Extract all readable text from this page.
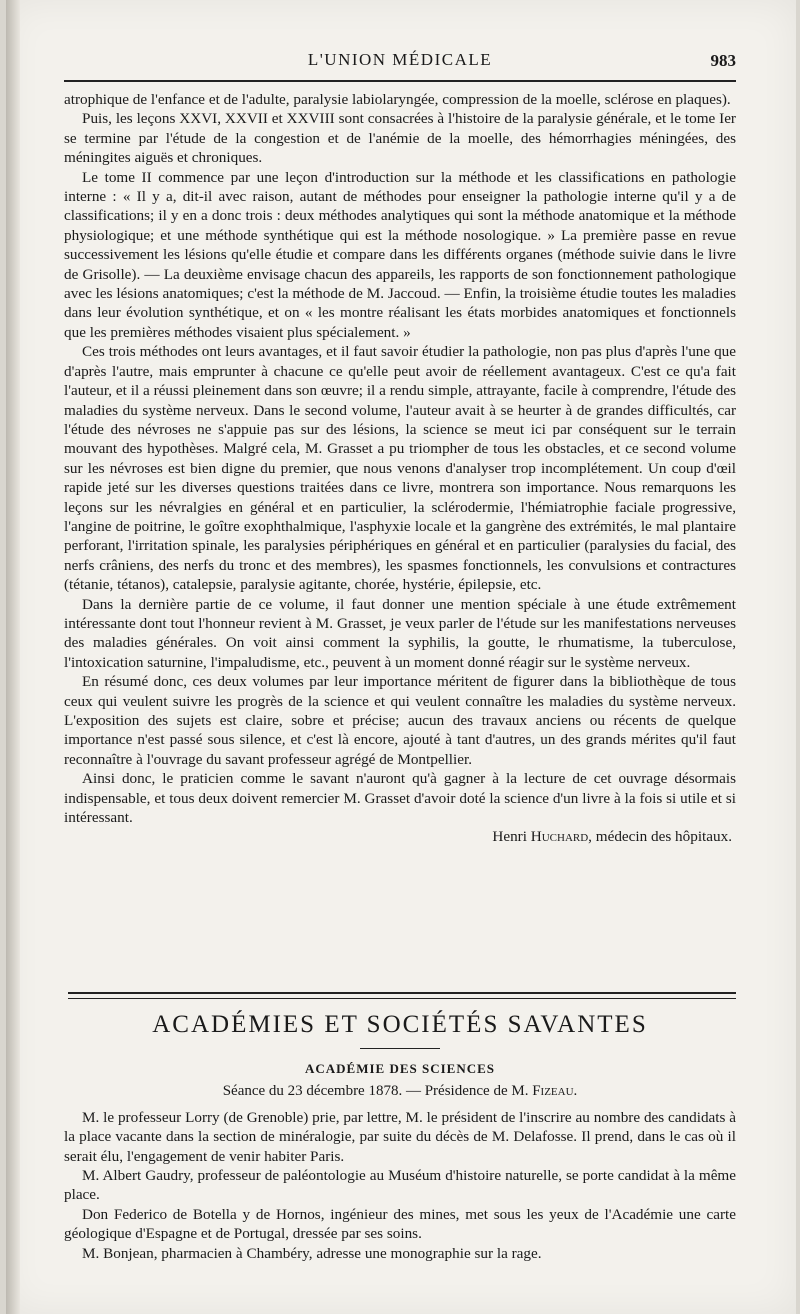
L'UNION MÉDICALE	983

atrophique de l'enfance et de l'adulte, paralysie labiolaryngée, compression de la moelle, sclérose en plaques).

Puis, les leçons XXVI, XXVII et XXVIII sont consacrées à l'histoire de la paralysie générale, et le tome Ier se termine par l'étude de la congestion et de l'anémie de la moelle, des hémorrhagies méningées, des méningites aiguës et chroniques.

Le tome II commence par une leçon d'introduction sur la méthode et les classifications en pathologie interne : « Il y a, dit-il avec raison, autant de méthodes pour enseigner la pathologie interne qu'il y a de classifications; il y en a donc trois : deux méthodes analytiques qui sont la méthode anatomique et la méthode physiologique; et une méthode synthétique qui est la méthode nosologique. » La première passe en revue successivement les lésions qu'elle étudie et compare dans les différents organes (méthode suivie dans le livre de Grisolle). — La deuxième envisage chacun des appareils, les rapports de son fonctionnement pathologique avec les lésions anatomiques; c'est la méthode de M. Jaccoud. — Enfin, la troisième étudie toutes les maladies dans leur évolution synthétique, et on « les montre réalisant les états morbides anatomiques et fonctionnels que les premières méthodes visaient plus spécialement. »

Ces trois méthodes ont leurs avantages, et il faut savoir étudier la pathologie, non pas plus d'après l'une que d'après l'autre, mais emprunter à chacune ce qu'elle peut avoir de réellement avantageux. C'est ce qu'a fait l'auteur, et il a réussi pleinement dans son œuvre; il a rendu simple, attrayante, facile à comprendre, l'étude des maladies du système nerveux. Dans le second volume, l'auteur avait à se heurter à de grandes difficultés, car l'étude des névroses ne s'appuie pas sur des lésions, la science se meut ici par conséquent sur le terrain mouvant des hypothèses. Malgré cela, M. Grasset a pu triompher de tous les obstacles, et ce second volume sur les névroses est bien digne du premier, que nous venons d'analyser trop incomplétement. Un coup d'œil rapide jeté sur les diverses questions traitées dans ce livre, montrera son importance. Nous remarquons les leçons sur les névralgies en général et en particulier, la sclérodermie, l'hémiatrophie faciale progressive, l'angine de poitrine, le goître exophthalmique, l'asphyxie locale et la gangrène des extrémités, le mal plantaire perforant, l'irritation spinale, les paralysies périphériques en général et en particulier (paralysies du facial, des nerfs crâniens, des nerfs du tronc et des membres), les spasmes fonctionnels, les convulsions et contractures (tétanie, tétanos), catalepsie, paralysie agitante, chorée, hystérie, épilepsie, etc.

Dans la dernière partie de ce volume, il faut donner une mention spéciale à une étude extrêmement intéressante dont tout l'honneur revient à M. Grasset, je veux parler de l'étude sur les manifestations nerveuses des maladies générales. On voit ainsi comment la syphilis, la goutte, le rhumatisme, la tuberculose, l'intoxication saturnine, l'impaludisme, etc., peuvent à un moment donné réagir sur le système nerveux.

En résumé donc, ces deux volumes par leur importance méritent de figurer dans la bibliothèque de tous ceux qui veulent suivre les progrès de la science et qui veulent connaître les maladies du système nerveux. L'exposition des sujets est claire, sobre et précise; aucun des travaux anciens ou récents de quelque importance n'est passé sous silence, et c'est là encore, ajouté à tant d'autres, un des grands mérites qu'il faut reconnaître à l'ouvrage du savant professeur agrégé de Montpellier.

Ainsi donc, le praticien comme le savant n'auront qu'à gagner à la lecture de cet ouvrage désormais indispensable, et tous deux doivent remercier M. Grasset d'avoir doté la science d'un livre à la fois si utile et si intéressant.

Henri Huchard, médecin des hôpitaux.

ACADÉMIES ET SOCIÉTÉS SAVANTES

ACADÉMIE DES SCIENCES

Séance du 23 décembre 1878. — Présidence de M. Fizeau.

M. le professeur Lorry (de Grenoble) prie, par lettre, M. le président de l'inscrire au nombre des candidats à la place vacante dans la section de minéralogie, par suite du décès de M. Delafosse. Il prend, dans le cas où il serait élu, l'engagement de venir habiter Paris.

M. Albert Gaudry, professeur de paléontologie au Muséum d'histoire naturelle, se porte candidat à la même place.

Don Federico de Botella y de Hornos, ingénieur des mines, met sous les yeux de l'Académie une carte géologique d'Espagne et de Portugal, dressée par ses soins.

M. Bonjean, pharmacien à Chambéry, adresse une monographie sur la rage.
